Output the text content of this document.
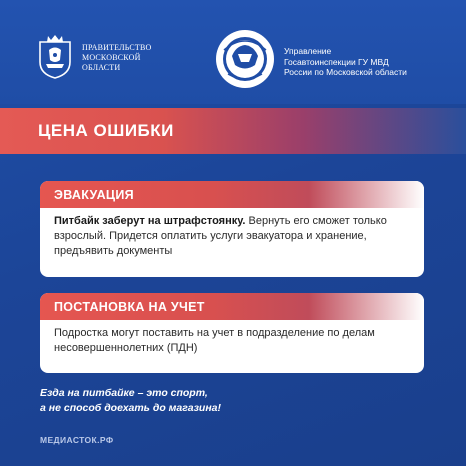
ПРАВИТЕЛЬСТВО
МОСКОВСКОЙ
ОБЛАСТИ
Управление
Госавтоинспекции ГУ МВД
России по Московской области
ЦЕНА ОШИБКИ
ЭВАКУАЦИЯ
Питбайк заберут на штрафстоянку. Вернуть его сможет только взрослый. Придется оплатить услуги эвакуатора и хранение, предъявить документы
ПОСТАНОВКА НА УЧЕТ
Подростка могут поставить на учет в подразделение по делам несовершеннолетних (ПДН)
Езда на питбайке – это спорт,
а не способ доехать до магазина!
МЕДИАСТОК.РФ
